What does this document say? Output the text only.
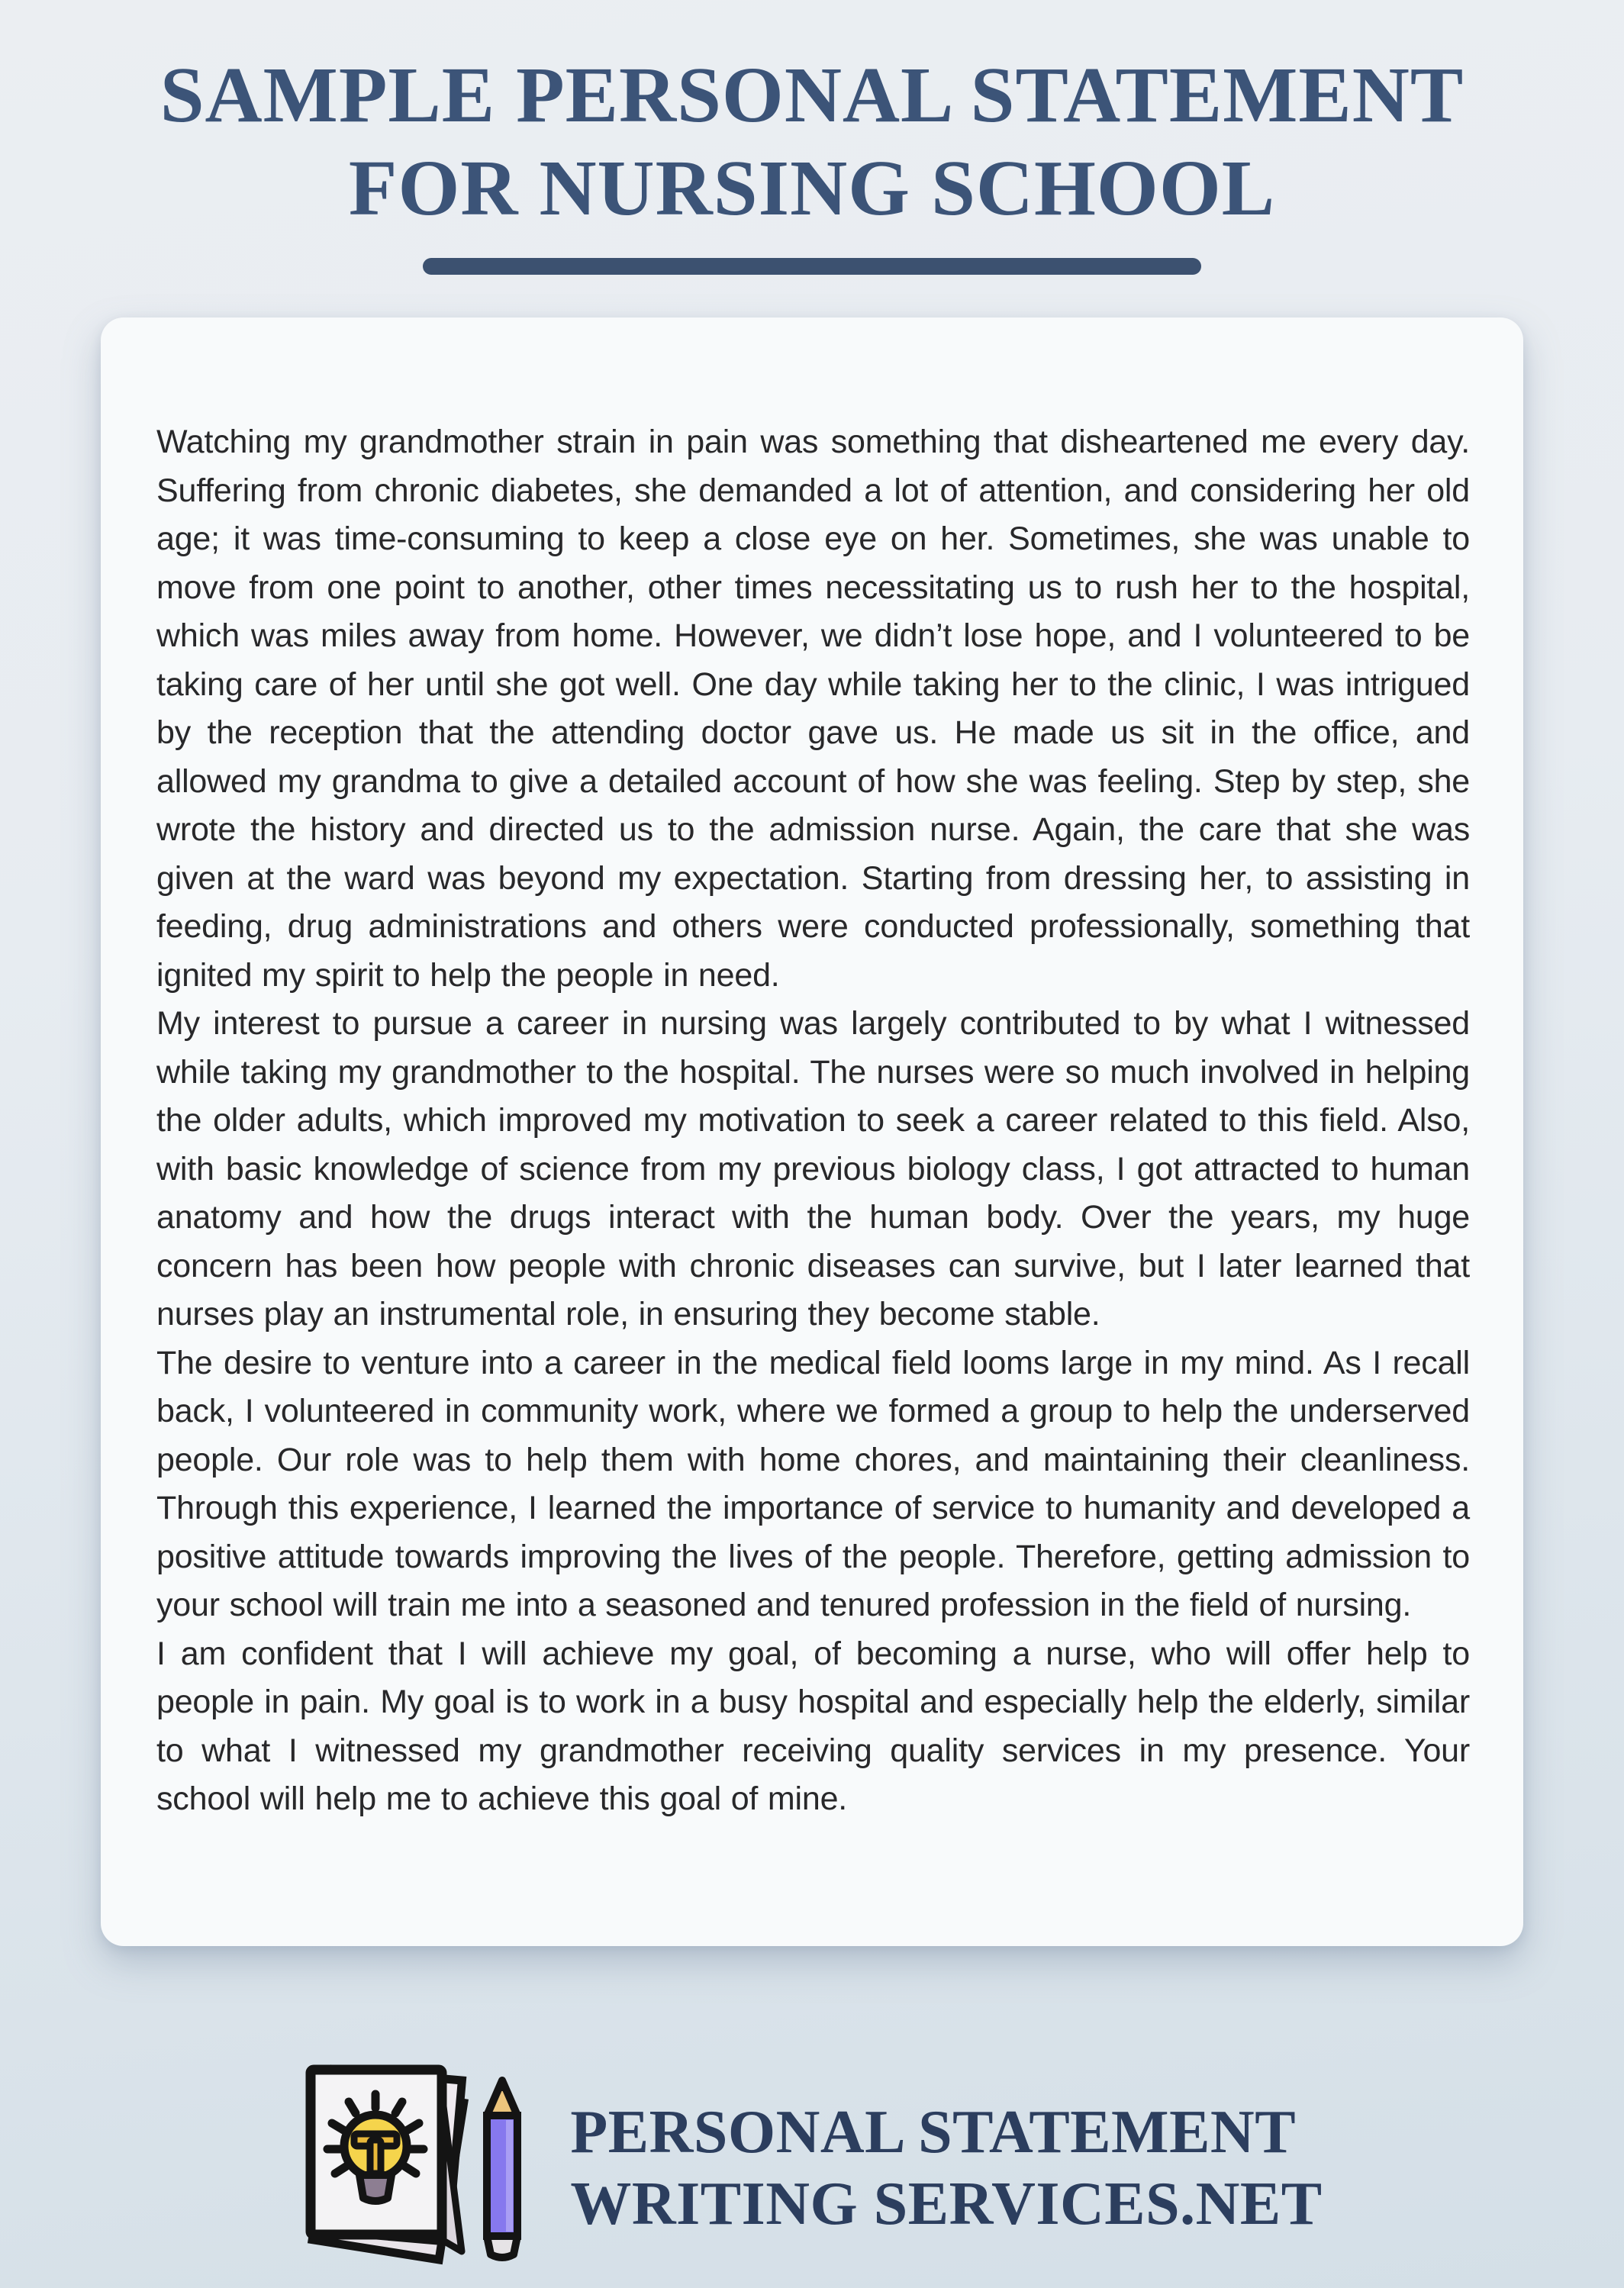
SAMPLE PERSONAL STATEMENT
FOR NURSING SCHOOL

Watching my grandmother strain in pain was something that disheartened me every day. Suffering from chronic diabetes, she demanded a lot of attention, and considering her old age; it was time-consuming to keep a close eye on her. Sometimes, she was unable to move from one point to another, other times necessitating us to rush her to the hospital, which was miles away from home. However, we didn’t lose hope, and I volunteered to be taking care of her until she got well. One day while taking her to the clinic, I was intrigued by the reception that the attending doctor gave us. He made us sit in the office, and allowed my grandma to give a detailed account of how she was feeling. Step by step, she wrote the history and directed us to the admission nurse. Again, the care that she was given at the ward was beyond my expectation. Starting from dressing her, to assisting in feeding, drug administrations and others were conducted professionally, something that ignited my spirit to help the people in need.

My interest to pursue a career in nursing was largely contributed to by what I witnessed while taking my grandmother to the hospital. The nurses were so much involved in helping the older adults, which improved my motivation to seek a career related to this field. Also, with basic knowledge of science from my previous biology class, I got attracted to human anatomy and how the drugs interact with the human body. Over the years, my huge concern has been how people with chronic diseases can survive, but I later learned that nurses play an instrumental role, in ensuring they become stable.

The desire to venture into a career in the medical field looms large in my mind. As I recall back, I volunteered in community work, where we formed a group to help the underserved people. Our role was to help them with home chores, and maintaining their cleanliness. Through this experience, I learned the importance of service to humanity and developed a positive attitude towards improving the lives of the people. Therefore, getting admission to your school will train me into a seasoned and tenured profession in the field of nursing.

I am confident that I will achieve my goal, of becoming a nurse, who will offer help to people in pain. My goal is to work in a busy hospital and especially help the elderly, similar to what I witnessed my grandmother receiving quality services in my presence. Your school will help me to achieve this goal of mine.

PERSONAL STATEMENT
WRITING SERVICES.NET
